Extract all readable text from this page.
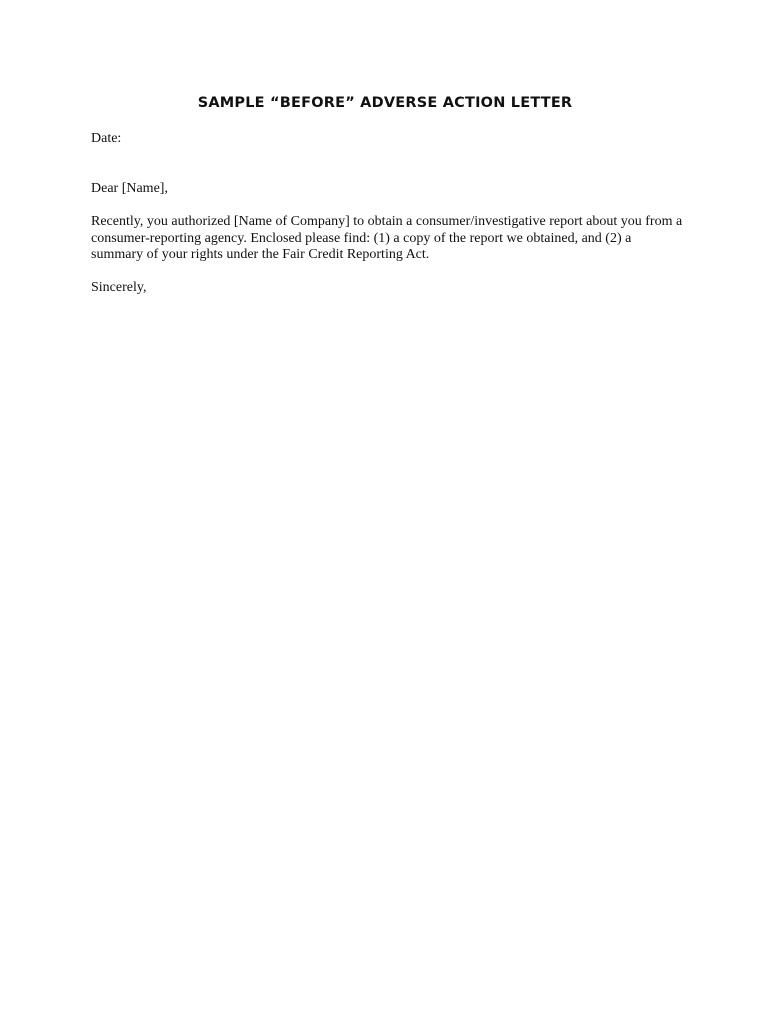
SAMPLE “BEFORE” ADVERSE ACTION LETTER
Date:
Dear [Name],
Recently, you authorized [Name of Company] to obtain a consumer/investigative report about you from a
consumer-reporting agency. Enclosed please find: (1) a copy of the report we obtained, and (2) a
summary of your rights under the Fair Credit Reporting Act.
Sincerely,
